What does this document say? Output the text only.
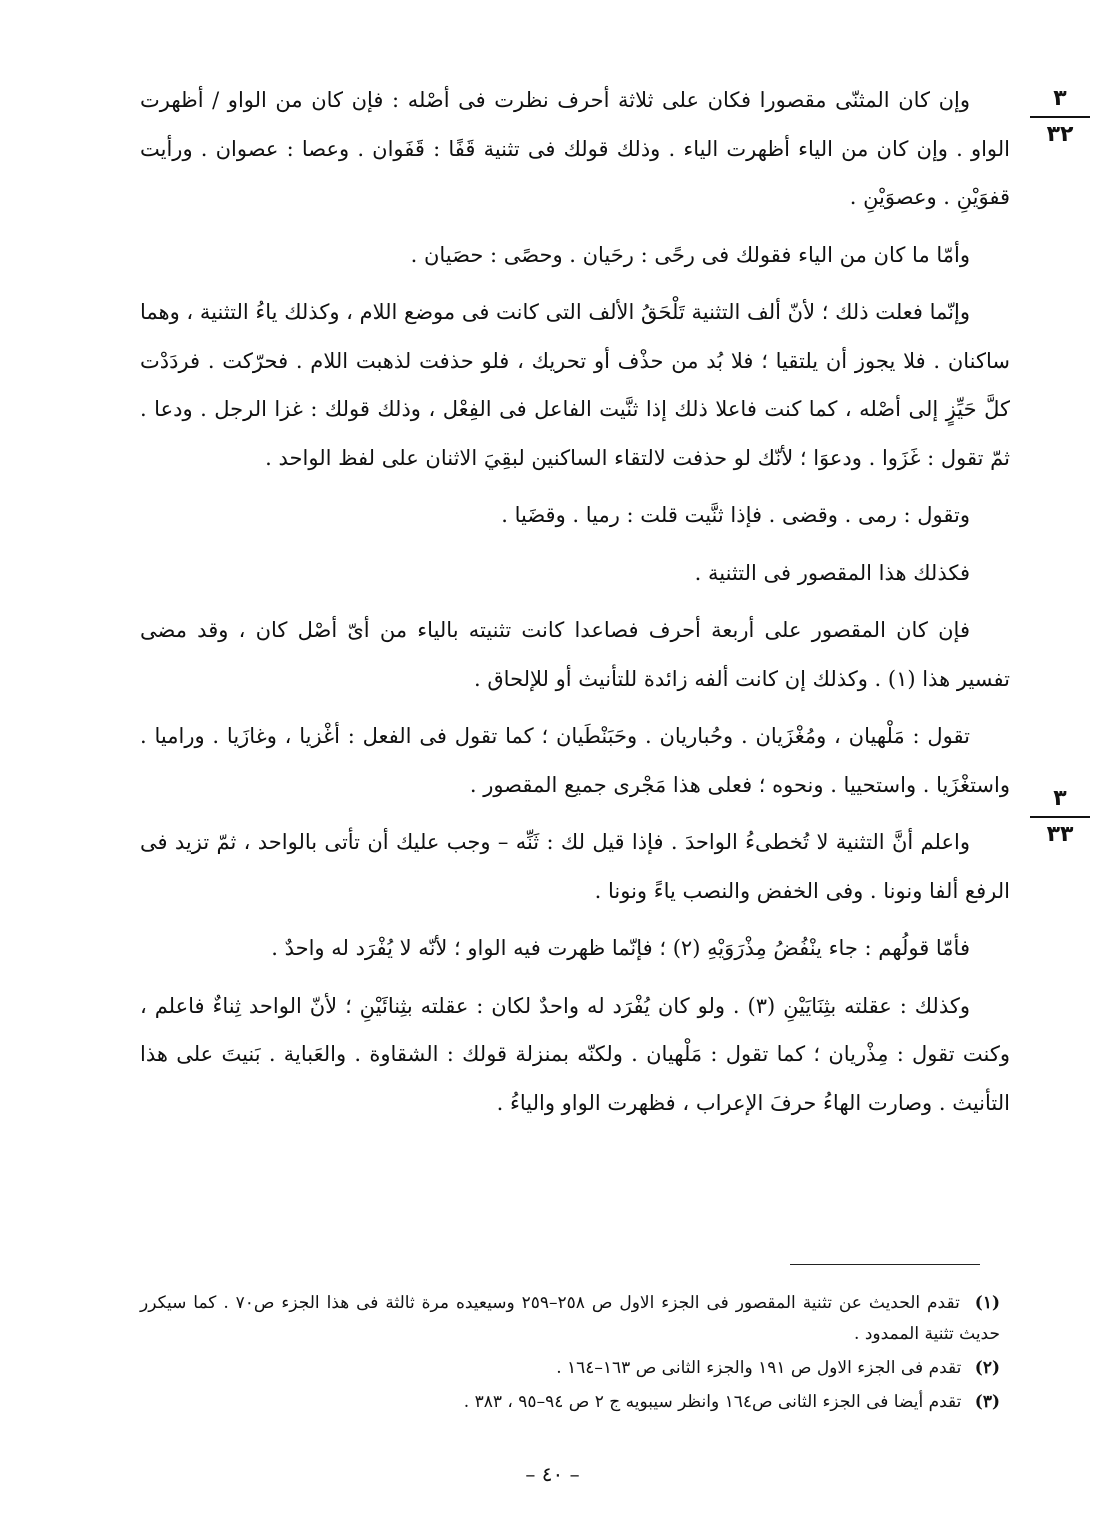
٣
٣٢
٣
٣٣

وإن كان المثنّى مقصورا فكان على ثلاثة أحرف نظرت فى أصْله : فإن كان من الواو / أظهرت الواو . وإن كان من الياء أظهرت الياء . وذلك قولك فى تثنية قَفًا : قَفَوان . وعصا : عصوان . ورأيت قفوَيْنِ . وعصوَيْنِ .

وأمّا ما كان من الياء فقولك فى رحًى : رحَيان . وحصًى : حصَيان .

وإنّما فعلت ذلك ؛ لأنّ ألف التثنية تَلْحَقُ الألف التى كانت فى موضع اللام ، وكذلك ياءُ التثنية ، وهما ساكنان . فلا يجوز أن يلتقيا ؛ فلا بُد من حذْف أو تحريك ، فلو حذفت لذهبت اللام . فحرّكت . فردَدْت كلَّ حَيِّزٍ إلى أصْله ، كما كنت فاعلا ذلك إذا ثنَّيت الفاعل فى الفِعْل ، وذلك قولك : غزا الرجل . ودعا . ثمّ تقول : غَزَوا . ودعوَا ؛ لأنّك لو حذفت لالتقاء الساكنين لبقِيَ الاثنان على لفظ الواحد .

وتقول : رمى . وقضى . فإذا ثنَّيت قلت : رميا . وقضَيا .

فكذلك هذا المقصور فى التثنية .

فإن كان المقصور على أربعة أحرف فصاعدا كانت تثنيته بالياء من أىّ أصْل كان ، وقد مضى تفسير هذا (١) . وكذلك إن كانت ألفه زائدة للتأنيث أو للإلحاق .

تقول : مَلْهيان ، ومُغْزَيان . وحُباريان . وحَبَنْطَيان ؛ كما تقول فى الفعل : أغْزيا ، وغازَيا . وراميا . واستغْزَيا . واستحييا . ونحوه ؛ فعلى هذا مَجْرى جميع المقصور .

واعلم أنَّ التثنية لا تُخطىءُ الواحدَ . فإذا قيل لك : ثَنِّه – وجب عليك أن تأتى بالواحد ، ثمّ تزيد فى الرفع ألفا ونونا . وفى الخفض والنصب ياءً ونونا .

فأمّا قولُهم : جاء ينْفُضُ مِذْرَوَيْهِ (٢) ؛ فإنّما ظهرت فيه الواو ؛ لأنّه لا يُفْرَد له واحدٌ .

وكذلك : عقلته بثِنَايَيْنِ (٣) . ولو كان يُفْرَد له واحدٌ لكان : عقلته بثِنائَيْنِ ؛ لأنّ الواحد ثِناءٌ فاعلم ، وكنت تقول : مِذْريان ؛ كما تقول : مَلْهيان . ولكنّه بمنزلة قولك : الشقاوة . والعَباية . بَنيتَ على هذا التأنيث . وصارت الهاءُ حرفَ الإعراب ، فظهرت الواو والياءُ .

(١) تقدم الحديث عن تثنية المقصور فى الجزء الاول ص ٢٥٨–٢٥٩ وسيعيده مرة ثالثة فى هذا الجزء ص٧٠ . كما سيكرر حديث تثنية الممدود .

(٢) تقدم فى الجزء الاول ص ١٩١ والجزء الثانى ص ١٦٣–١٦٤ .

(٣) تقدم أيضا فى الجزء الثانى ص١٦٤ وانظر سيبويه ج ٢ ص ٩٤–٩٥ ، ٣٨٣ .

– ٤٠ –
